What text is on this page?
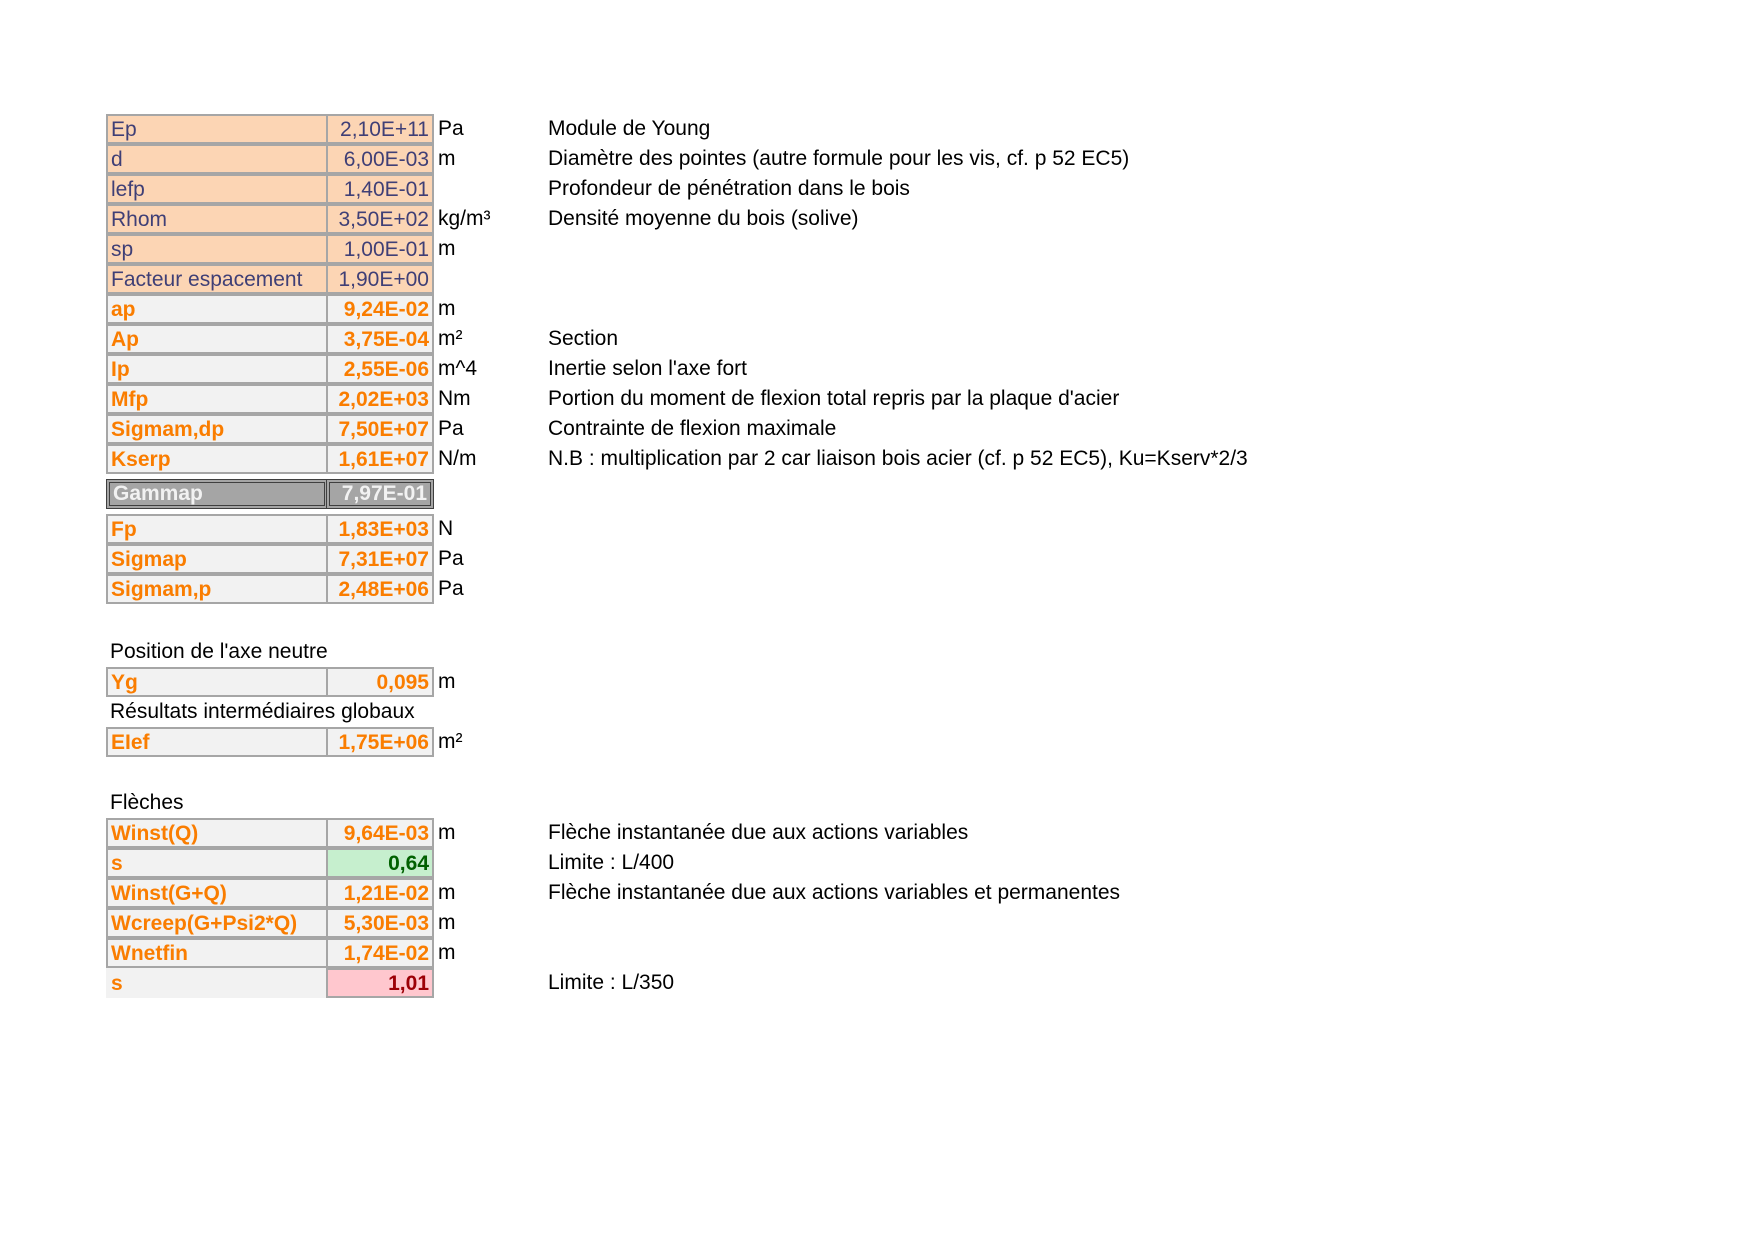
Ep	2,10E+11 Pa	Module de Young
d	6,00E-03 m	Diamètre des pointes (autre formule pour les vis, cf. p 52 EC5)
lefp	1,40E-01	Profondeur de pénétration dans le bois
Rhom	3,50E+02 kg/m³	Densité moyenne du bois (solive)
sp	1,00E-01 m
Facteur espacement	1,90E+00
ap	9,24E-02 m
Ap	3,75E-04 m²	Section
Ip	2,55E-06 m^4	Inertie selon l'axe fort
Mfp	2,02E+03 Nm	Portion du moment de flexion total repris par la plaque d'acier
Sigmam,dp	7,50E+07 Pa	Contrainte de flexion maximale
Kserp	1,61E+07 N/m	N.B : multiplication par 2 car liaison bois acier (cf. p 52 EC5), Ku=Kserv*2/3
Gammap	7,97E-01
Fp	1,83E+03 N
Sigmap	7,31E+07 Pa
Sigmam,p	2,48E+06 Pa
Position de l'axe neutre
Yg	0,095 m
Résultats intermédiaires globaux
EIef	1,75E+06 m²
Flèches
Winst(Q)	9,64E-03 m	Flèche instantanée due aux actions variables
s	0,64	Limite : L/400
Winst(G+Q)	1,21E-02 m	Flèche instantanée due aux actions variables et permanentes
Wcreep(G+Psi2*Q)	5,30E-03 m
Wnetfin	1,74E-02 m
s	1,01	Limite : L/350
